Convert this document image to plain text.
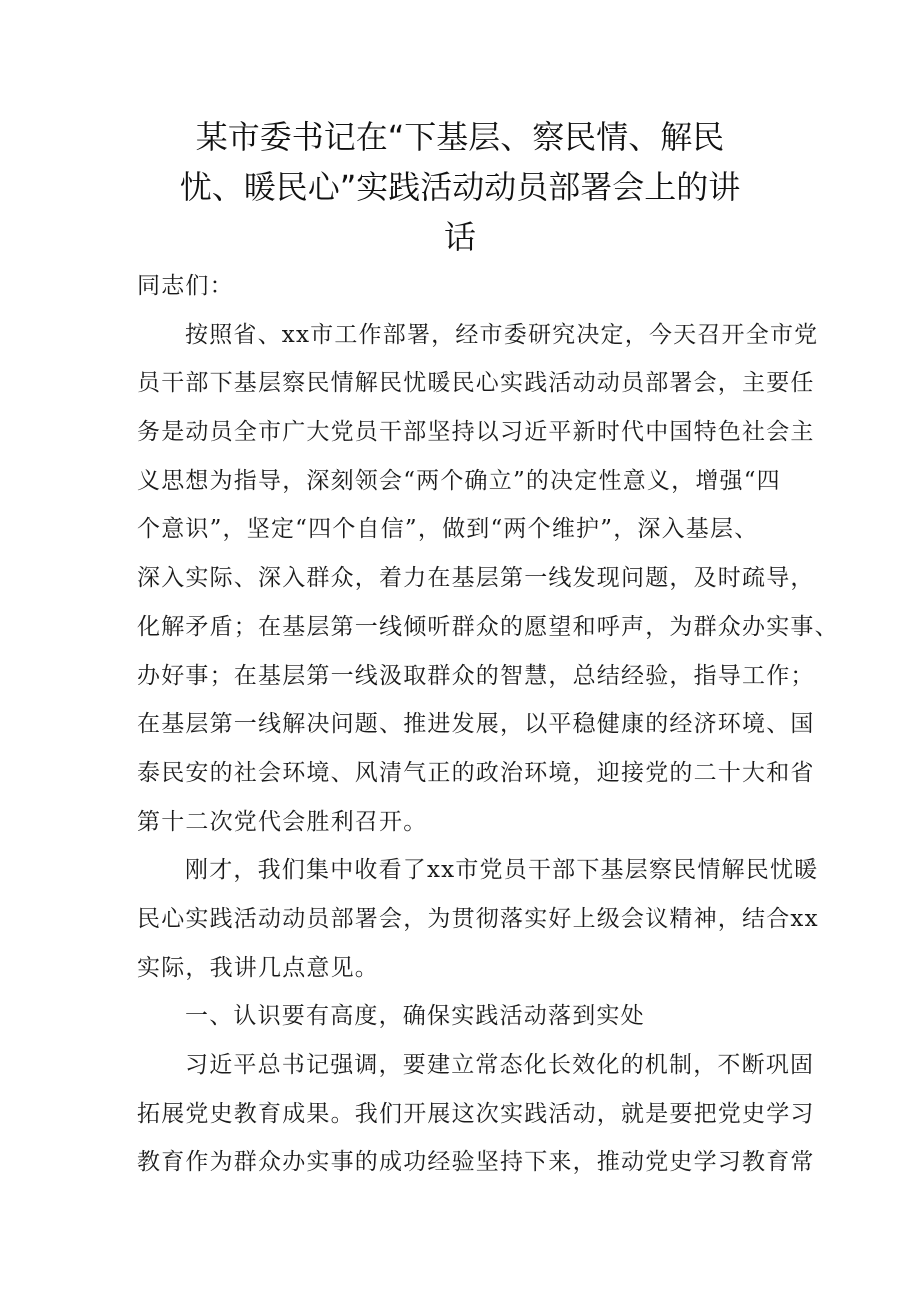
某市委书记在“下基层、察民情、解民
忧、暖民心”实践活动动员部署会上的讲
话
同志们：
按照省、xx市工作部署，经市委研究决定，今天召开全市党
员干部下基层察民情解民忧暖民心实践活动动员部署会，主要任
务是动员全市广大党员干部坚持以习近平新时代中国特色社会主
义思想为指导，深刻领会“两个确立”的决定性意义，增强“四
个意识”，坚定“四个自信”，做到“两个维护”，深入基层、
深入实际、深入群众，着力在基层第一线发现问题，及时疏导，
化解矛盾；在基层第一线倾听群众的愿望和呼声，为群众办实事、
办好事；在基层第一线汲取群众的智慧，总结经验，指导工作；
在基层第一线解决问题、推进发展，以平稳健康的经济环境、国
泰民安的社会环境、风清气正的政治环境，迎接党的二十大和省
第十二次党代会胜利召开。
刚才，我们集中收看了xx市党员干部下基层察民情解民忧暖
民心实践活动动员部署会，为贯彻落实好上级会议精神，结合xx
实际，我讲几点意见。
一、认识要有高度，确保实践活动落到实处
习近平总书记强调，要建立常态化长效化的机制，不断巩固
拓展党史教育成果。我们开展这次实践活动，就是要把党史学习
教育作为群众办实事的成功经验坚持下来，推动党史学习教育常
